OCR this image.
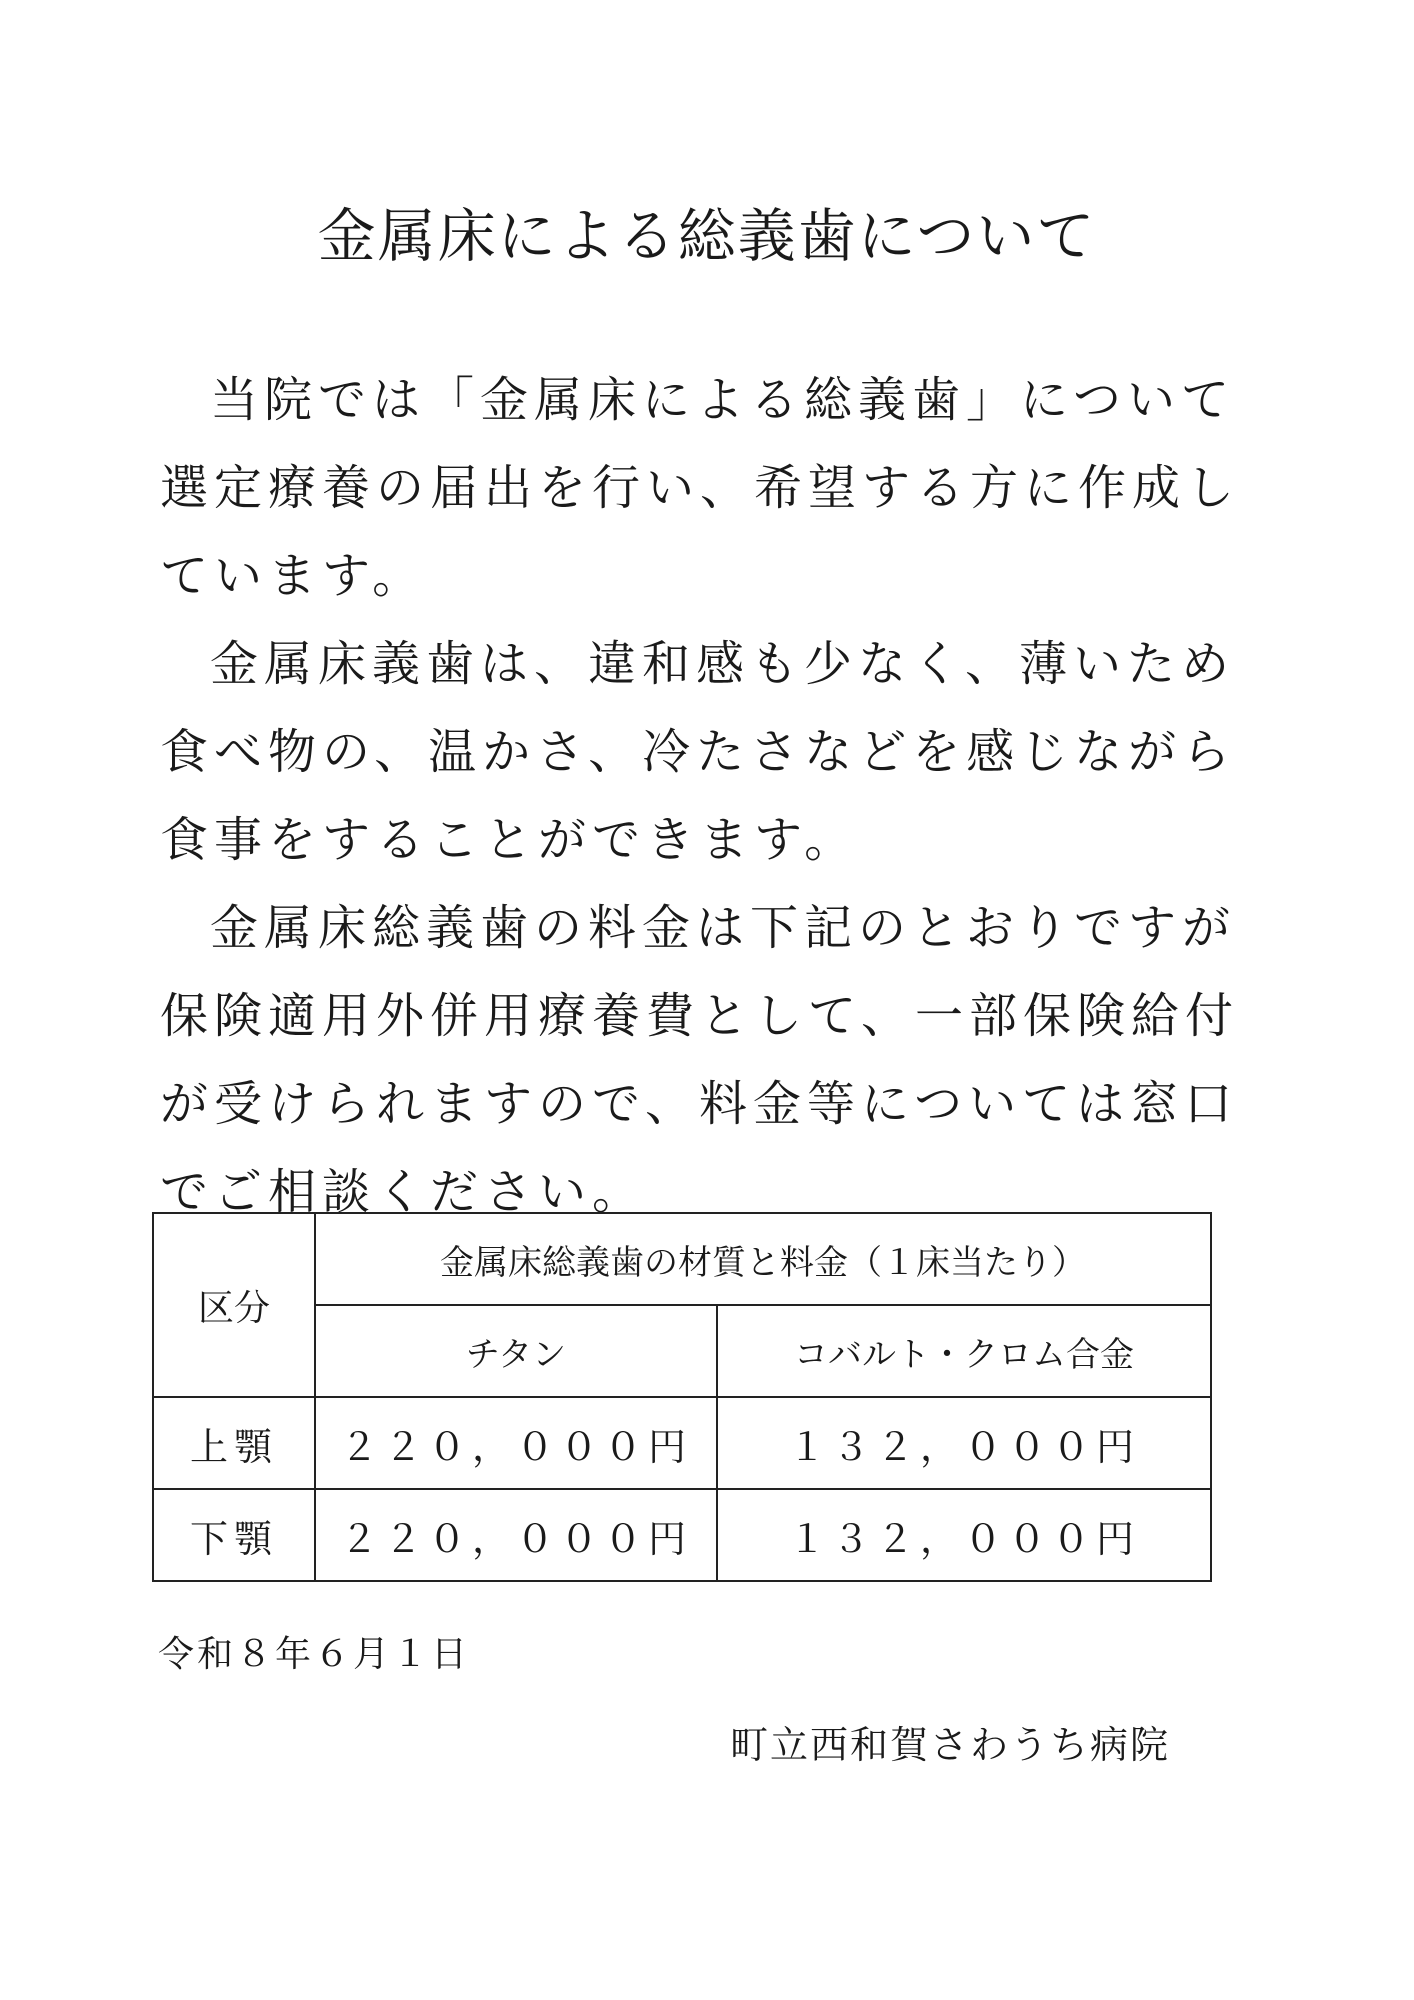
金属床による総義歯について

当院では「金属床による総義歯」について選定療養の届出を行い、希望する方に作成しています。

金属床義歯は、違和感も少なく、薄いため食べ物の、温かさ、冷たさなどを感じながら食事をすることができます。

金属床総義歯の料金は下記のとおりですが保険適用外併用療養費として、一部保険給付が受けられますので、料金等については窓口でご相談ください。

区分	金属床総義歯の材質と料金（１床当たり）	
	チタン	コバルト・クロム合金
上顎	２２０，０００円	１３２，０００円
下顎	２２０，０００円	１３２，０００円
令和８年６月１日
町立西和賀さわうち病院
